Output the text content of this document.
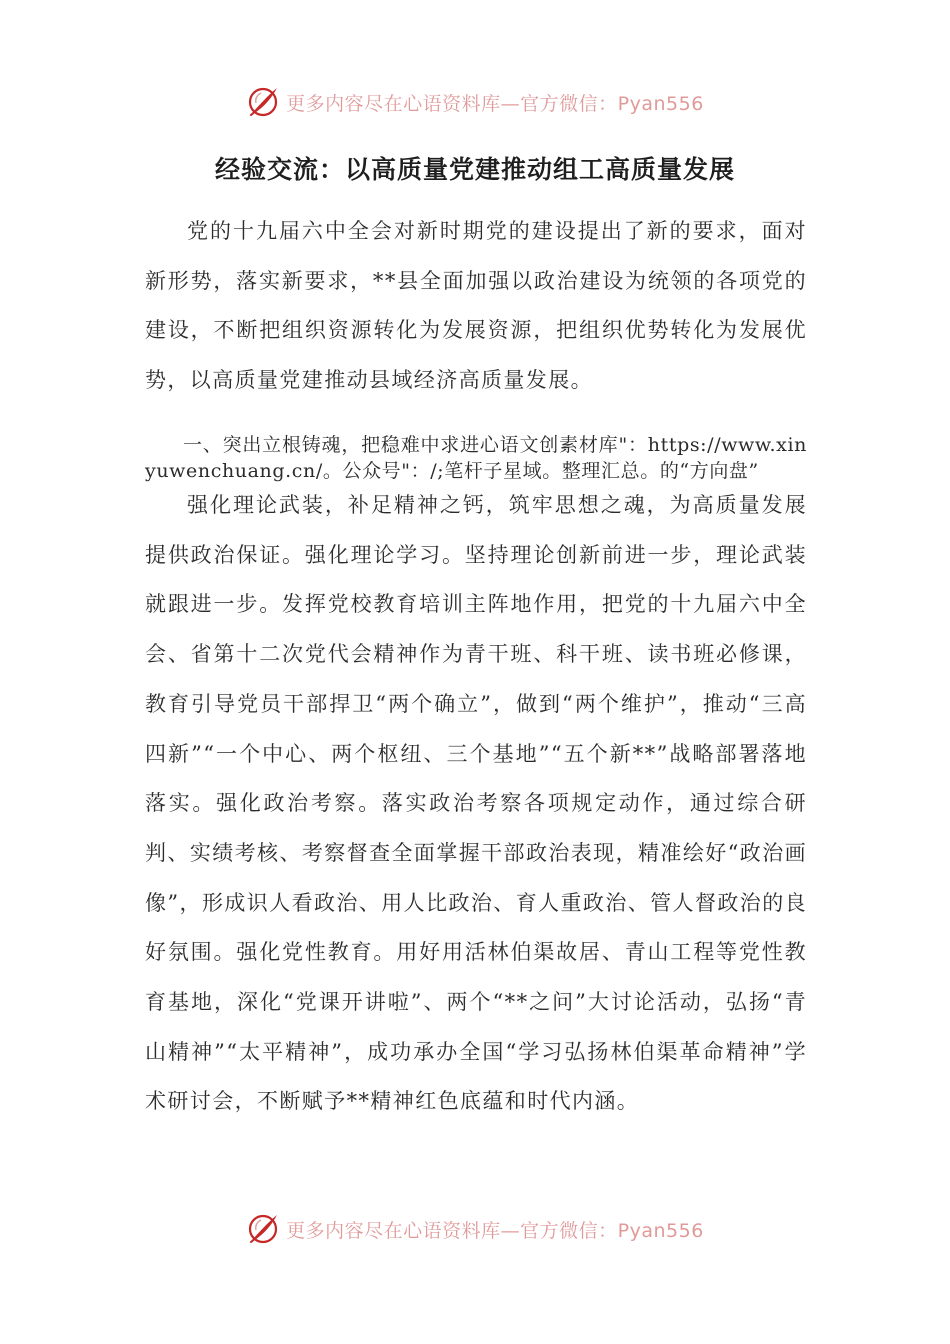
更多内容尽在心语资料库—官方微信：Pyan556
经验交流：以高质量党建推动组工高质量发展

党的十九届六中全会对新时期党的建设提出了新的要求，面对新形势，落实新要求，**县全面加强以政治建设为统领的各项党的建设，不断把组织资源转化为发展资源，把组织优势转化为发展优势，以高质量党建推动县域经济高质量发展。

一、突出立根铸魂，把稳难中求进心语文创素材库"：https://www.xinyuwenchuang.cn/。公众号"：/;笔杆子星域。整理汇总。的“方向盘”

强化理论武装，补足精神之钙，筑牢思想之魂，为高质量发展提供政治保证。强化理论学习。坚持理论创新前进一步，理论武装就跟进一步。发挥党校教育培训主阵地作用，把党的十九届六中全会、省第十二次党代会精神作为青干班、科干班、读书班必修课，教育引导党员干部捍卫“两个确立”，做到“两个维护”，推动“三高四新”“一个中心、两个枢纽、三个基地”“五个新**”战略部署落地落实。强化政治考察。落实政治考察各项规定动作，通过综合研判、实绩考核、考察督查全面掌握干部政治表现，精准绘好“政治画像”，形成识人看政治、用人比政治、育人重政治、管人督政治的良好氛围。强化党性教育。用好用活林伯渠故居、青山工程等党性教育基地，深化“党课开讲啦”、两个“**之问”大讨论活动，弘扬“青山精神”“太平精神”，成功承办全国“学习弘扬林伯渠革命精神”学术研讨会，不断赋予**精神红色底蕴和时代内涵。

更多内容尽在心语资料库—官方微信：Pyan556
